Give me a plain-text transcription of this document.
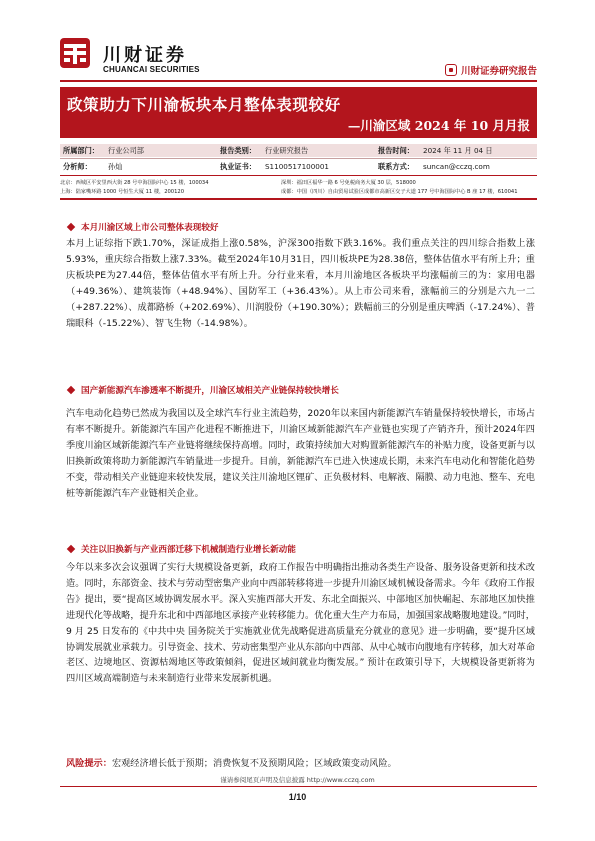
川财证券
CHUANCAI SECURITIES	川财证券研究报告
政策助力下川渝板块本月整体表现较好
—川渝区域 2024 年 10 月月报
所属部门： 行业公司部	报告类别： 行业研究报告	报告时间： 2024 年 11 月 04 日
分析师： 孙灿	执业证书： S1100517100001	联系方式： suncan@cczq.com
北京：西城区平安里西大街 28 号中海国际中心 15 楼，100034	深圳：福田区福华一路 6 号免税商务大厦 30 层，518000
上海：陆家嘴环路 1000 号恒生大厦 11 楼，200120	成都：中国（四川）自由贸易试验区成都市高新区交子大道 177 号中海国际中心 B 座 17 楼，610041
本月川渝区域上市公司整体表现较好

本月上证综指下跌1.70%，深证成指上涨0.58%，沪深300指数下跌3.16%。我们重点关注的四川综合指数上涨5.93%，重庆综合指数上涨7.33%。截至2024年10月31日，四川板块PE为28.38倍，整体估值水平有所上升；重庆板块PE为27.44倍，整体估值水平有所上升。分行业来看，本月川渝地区各板块平均涨幅前三的为：家用电器（+49.36%）、建筑装饰（+48.94%）、国防军工（+36.43%）。从上市公司来看，涨幅前三的分别是六九一二（+287.22%）、成都路桥（+202.69%）、川润股份（+190.30%）；跌幅前三的分别是重庆啤酒（-17.24%）、普瑞眼科（-15.22%）、智飞生物（-14.98%）。

国产新能源汽车渗透率不断提升，川渝区域相关产业链保持较快增长

汽车电动化趋势已然成为我国以及全球汽车行业主流趋势，2020年以来国内新能源汽车销量保持较快增长，市场占有率不断提升。新能源汽车国产化进程不断推进下，川渝区域新能源汽车产业链也实现了产销齐升，预计2024年四季度川渝区域新能源汽车产业链将继续保持高增。同时，政策持续加大对购置新能源汽车的补贴力度，设备更新与以旧换新政策将助力新能源汽车销量进一步提升。目前，新能源汽车已进入快速成长期，未来汽车电动化和智能化趋势不变，带动相关产业链迎来较快发展，建议关注川渝地区锂矿、正负极材料、电解液、隔膜、动力电池、整车、充电桩等新能源汽车产业链相关企业。

关注以旧换新与产业西部迁移下机械制造行业增长新动能

今年以来多次会议强调了实行大规模设备更新，政府工作报告中明确指出推动各类生产设备、服务设备更新和技术改造。同时，东部资金、技术与劳动型密集产业向中西部转移将进一步提升川渝区域机械设备需求。今年《政府工作报告》提出，要“提高区域协调发展水平。深入实施西部大开发、东北全面振兴、中部地区加快崛起、东部地区加快推进现代化等战略，提升东北和中西部地区承接产业转移能力。优化重大生产力布局，加强国家战略腹地建设。”同时，9 月 25 日发布的《中共中央 国务院关于实施就业优先战略促进高质量充分就业的意见》进一步明确，要“提升区域协调发展就业承载力。引导资金、技术、劳动密集型产业从东部向中西部、从中心城市向腹地有序转移，加大对革命老区、边境地区、资源枯竭地区等政策倾斜，促进区域间就业均衡发展。” 预计在政策引导下，大规模设备更新将为四川区域高端制造与未来制造行业带来发展新机遇。

风险提示：宏观经济增长低于预期；消费恢复不及预期风险；区域政策变动风险。
谨请参阅尾页声明及信息披露 http://www.cczq.com
1/10
